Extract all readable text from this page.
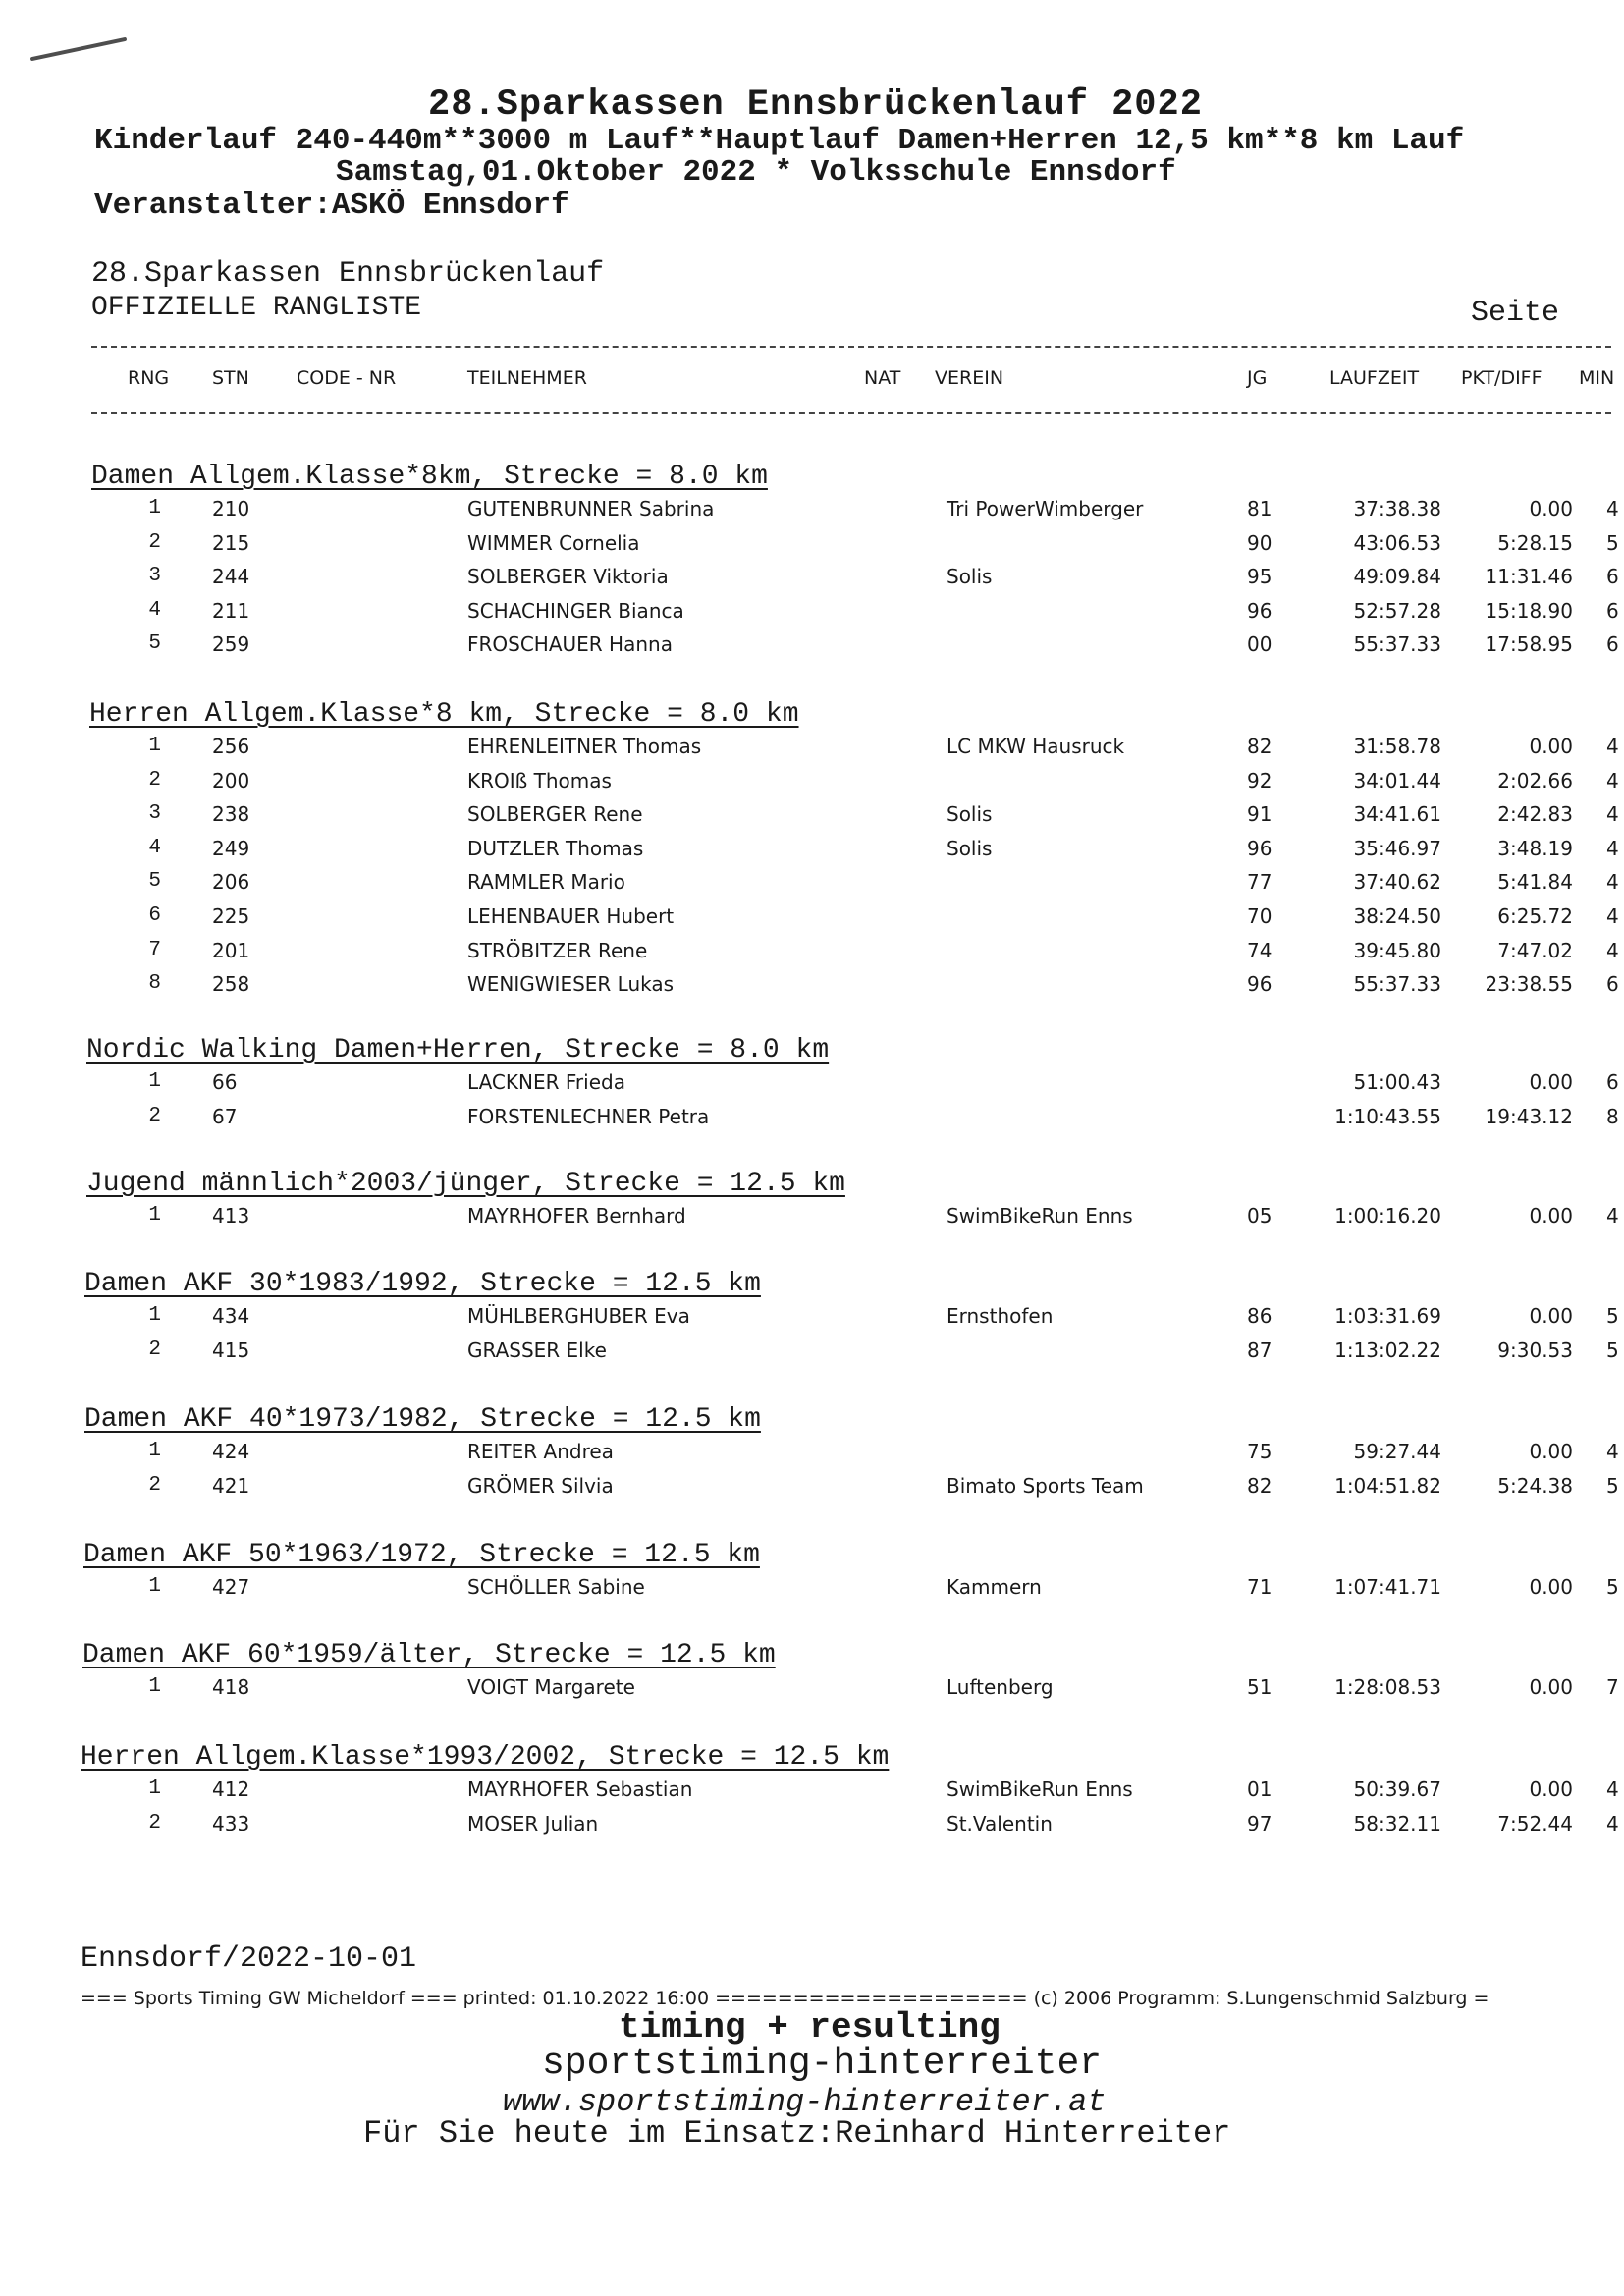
28.Sparkassen Ennsbrückenlauf 2022
Kinderlauf 240-440m**3000 m Lauf**Hauptlauf Damen+Herren 12,5 km**8 km Lauf
Samstag,01.Oktober 2022 * Volksschule Ennsdorf
Veranstalter:ASKÖ Ennsdorf
28.Sparkassen Ennsbrückenlauf
OFFIZIELLE RANGLISTE	Seite
RNG STN	CODE - NR	TEILNEHMER	NAT VEREIN	JG	LAUFZEIT PKT/DIFF MIN
Damen Allgem.Klasse*8km, Strecke = 8.0 km
1	210	GUTENBRUNNER Sabrina	Tri PowerWimberger	81	37:38.38	0.00 4
2	215	WIMMER Cornelia	90	43:06.53	5:28.15 5
3	244	SOLBERGER Viktoria	Solis	95	49:09.84	11:31.46 6
4	211	SCHACHINGER Bianca	96	52:57.28	15:18.90 6
5	259	FROSCHAUER Hanna	00	55:37.33	17:58.95 6
Herren Allgem.Klasse*8 km, Strecke = 8.0 km
1	256	EHRENLEITNER Thomas	LC MKW Hausruck	82	31:58.78	0.00 4
2	200	KROIß Thomas	92	34:01.44	2:02.66 4
3	238	SOLBERGER Rene	Solis	91	34:41.61	2:42.83 4
4	249	DUTZLER Thomas	Solis	96	35:46.97	3:48.19 4
5	206	RAMMLER Mario	77	37:40.62	5:41.84 4
6	225	LEHENBAUER Hubert	70	38:24.50	6:25.72 4
7	201	STRÖBITZER Rene	74	39:45.80	7:47.02 4
8	258	WENIGWIESER Lukas	96	55:37.33	23:38.55 6
Nordic Walking Damen+Herren, Strecke = 8.0 km
1	66	LACKNER Frieda	51:00.43	0.00 6
2	67	FORSTENLECHNER Petra	1:10:43.55	19:43.12 8
Jugend männlich*2003/jünger, Strecke = 12.5 km
1	413	MAYRHOFER Bernhard	SwimBikeRun Enns	05	1:00:16.20	0.00 4
Damen AKF 30*1983/1992, Strecke = 12.5 km
1	434	MÜHLBERGHUBER Eva	Ernsthofen	86	1:03:31.69	0.00 5
2	415	GRASSER Elke	87	1:13:02.22	9:30.53 5
Damen AKF 40*1973/1982, Strecke = 12.5 km
1	424	REITER Andrea	75	59:27.44	0.00 4
2	421	GRÖMER Silvia	Bimato Sports Team	82	1:04:51.82	5:24.38 5
Damen AKF 50*1963/1972, Strecke = 12.5 km
1	427	SCHÖLLER Sabine	Kammern	71	1:07:41.71	0.00 5
Damen AKF 60*1959/älter, Strecke = 12.5 km
1	418	VOIGT Margarete	Luftenberg	51	1:28:08.53	0.00 7
Herren Allgem.Klasse*1993/2002, Strecke = 12.5 km
1	412	MAYRHOFER Sebastian	SwimBikeRun Enns	01	50:39.67	0.00 4
2	433	MOSER Julian	St.Valentin	97	58:32.11	7:52.44 4
Ennsdorf/2022-10-01
=== Sports Timing GW Micheldorf === printed: 01.10.2022 16:00 ==================== (c) 2006 Programm: S.Lungenschmid Salzburg =
timing + resulting
sportstiming-hinterreiter
www.sportstiming-hinterreiter.at
Für Sie heute im Einsatz:Reinhard Hinterreiter
